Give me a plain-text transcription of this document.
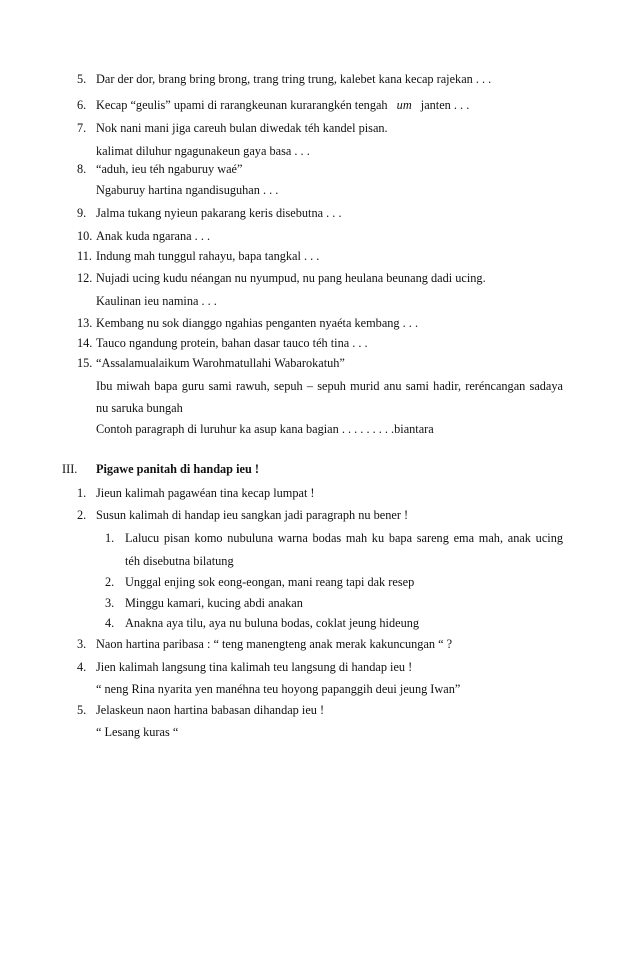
5. Dar der dor, brang bring brong, trang tring trung, kalebet kana kecap rajekan . . .
6. Kecap “geulis” upami di rarangkeunan kurarangkén tengah um janten . . .
7. Nok nani mani jiga careuh bulan diwedak téh kandel pisan.
kalimat diluhur ngagunakeun gaya basa . . .
8. “aduh, ieu téh ngaburuy waé”
Ngaburuy hartina ngandisuguhan . . .
9. Jalma tukang nyieun pakarang keris disebutna . . .
10. Anak kuda ngarana . . .
11. Indung mah tunggul rahayu, bapa tangkal . . .
12. Nujadi ucing kudu néangan nu nyumpud, nu pang heulana beunang dadi ucing.
Kaulinan ieu namina . . .
13. Kembang nu sok dianggo ngahias penganten nyaéta kembang . . .
14. Tauco ngandung protein, bahan dasar tauco téh tina . . .
15. “Assalamualaikum Warohmatullahi Wabarokatuh”
Ibu miwah bapa guru sami rawuh, sepuh – sepuh murid anu sami hadir, reréncangan sadaya
nu saruka bungah
Contoh paragraph di luruhur ka asup kana bagian . . . . . . . . .biantara
III. Pigawe panitah di handap ieu !
1. Jieun kalimah pagawéan tina kecap lumpat !
2. Susun kalimah di handap ieu sangkan jadi paragraph nu bener !
1. Lalucu pisan komo nubuluna warna bodas mah ku bapa sareng ema mah, anak ucing
téh disebutna bilatung
2. Unggal enjing sok eong-eongan, mani reang tapi dak resep
3. Minggu kamari, kucing abdi anakan
4. Anakna aya tilu, aya nu buluna bodas, coklat jeung hideung
3. Naon hartina paribasa : “ teng manengteng anak merak kakuncungan “ ?
4. Jien kalimah langsung tina kalimah teu langsung di handap ieu !
“ neng Rina nyarita yen manéhna teu hoyong papanggih deui jeung Iwan”
5. Jelaskeun naon hartina babasan dihandap ieu !
“ Lesang kuras “
